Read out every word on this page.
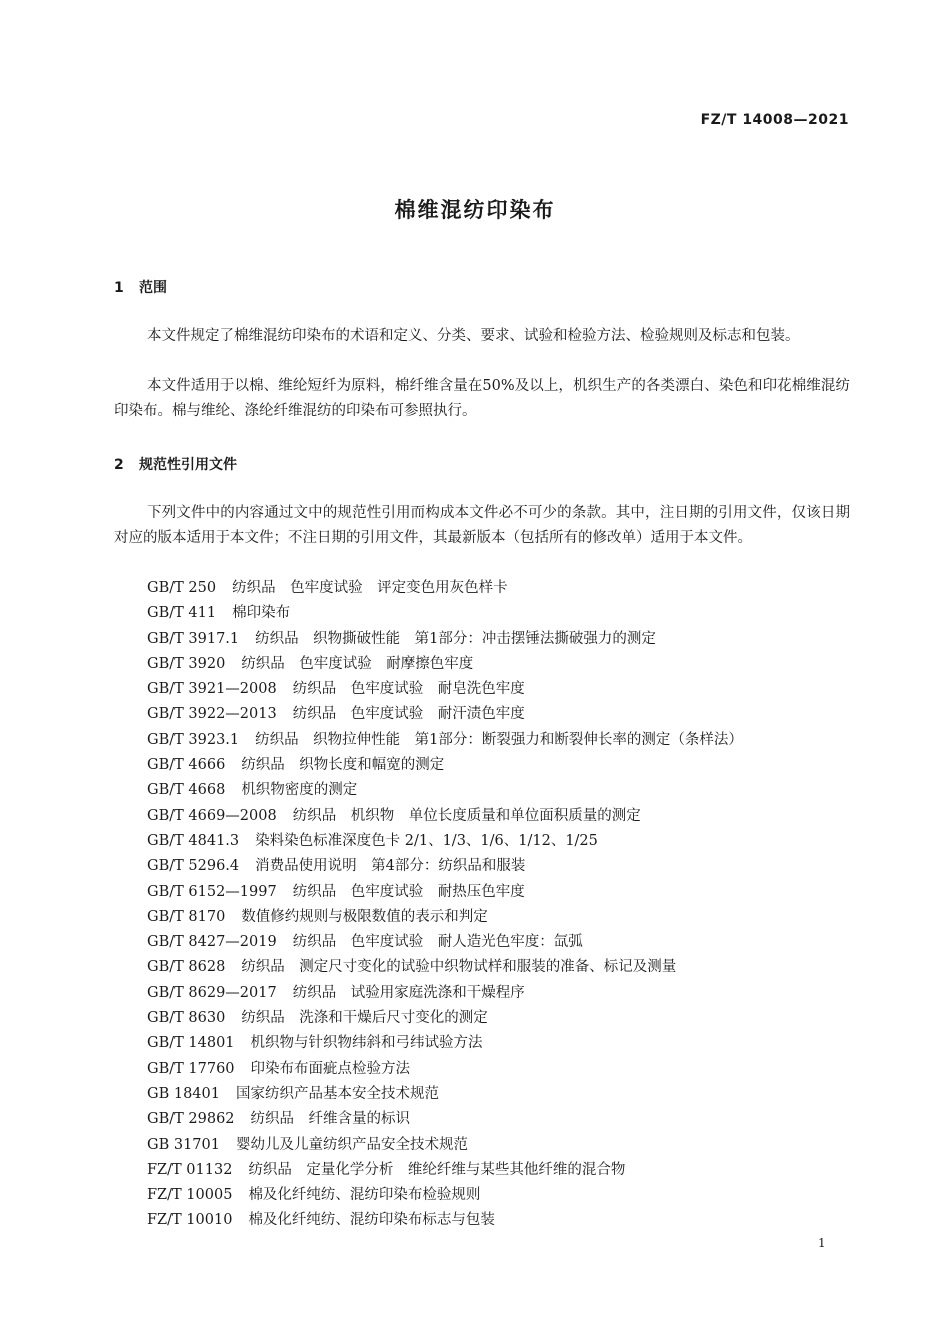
FZ/T 14008—2021
棉维混纺印染布
1 范围
本文件规定了棉维混纺印染布的术语和定义、分类、要求、试验和检验方法、检验规则及标志和包装。
本文件适用于以棉、维纶短纤为原料，棉纤维含量在50%及以上，机织生产的各类漂白、染色和印花棉维混纺印染布。棉与维纶、涤纶纤维混纺的印染布可参照执行。
2 规范性引用文件
下列文件中的内容通过文中的规范性引用而构成本文件必不可少的条款。其中，注日期的引用文件，仅该日期对应的版本适用于本文件；不注日期的引用文件，其最新版本（包括所有的修改单）适用于本文件。
GB/T 250 纺织品　色牢度试验　评定变色用灰色样卡
GB/T 411 棉印染布
GB/T 3917.1 纺织品　织物撕破性能　第1部分：冲击摆锤法撕破强力的测定
GB/T 3920 纺织品　色牢度试验　耐摩擦色牢度
GB/T 3921—2008 纺织品　色牢度试验　耐皂洗色牢度
GB/T 3922—2013 纺织品　色牢度试验　耐汗渍色牢度
GB/T 3923.1 纺织品　织物拉伸性能　第1部分：断裂强力和断裂伸长率的测定（条样法）
GB/T 4666 纺织品　织物长度和幅宽的测定
GB/T 4668 机织物密度的测定
GB/T 4669—2008 纺织品　机织物　单位长度质量和单位面积质量的测定
GB/T 4841.3 染料染色标准深度色卡 2/1、1/3、1/6、1/12、1/25
GB/T 5296.4 消费品使用说明　第4部分：纺织品和服装
GB/T 6152—1997 纺织品　色牢度试验　耐热压色牢度
GB/T 8170 数值修约规则与极限数值的表示和判定
GB/T 8427—2019 纺织品　色牢度试验　耐人造光色牢度：氙弧
GB/T 8628 纺织品　测定尺寸变化的试验中织物试样和服装的准备、标记及测量
GB/T 8629—2017 纺织品　试验用家庭洗涤和干燥程序
GB/T 8630 纺织品　洗涤和干燥后尺寸变化的测定
GB/T 14801 机织物与针织物纬斜和弓纬试验方法
GB/T 17760 印染布布面疵点检验方法
GB 18401 国家纺织产品基本安全技术规范
GB/T 29862 纺织品　纤维含量的标识
GB 31701 婴幼儿及儿童纺织产品安全技术规范
FZ/T 01132 纺织品　定量化学分析　维纶纤维与某些其他纤维的混合物
FZ/T 10005 棉及化纤纯纺、混纺印染布检验规则
FZ/T 10010 棉及化纤纯纺、混纺印染布标志与包装
1
